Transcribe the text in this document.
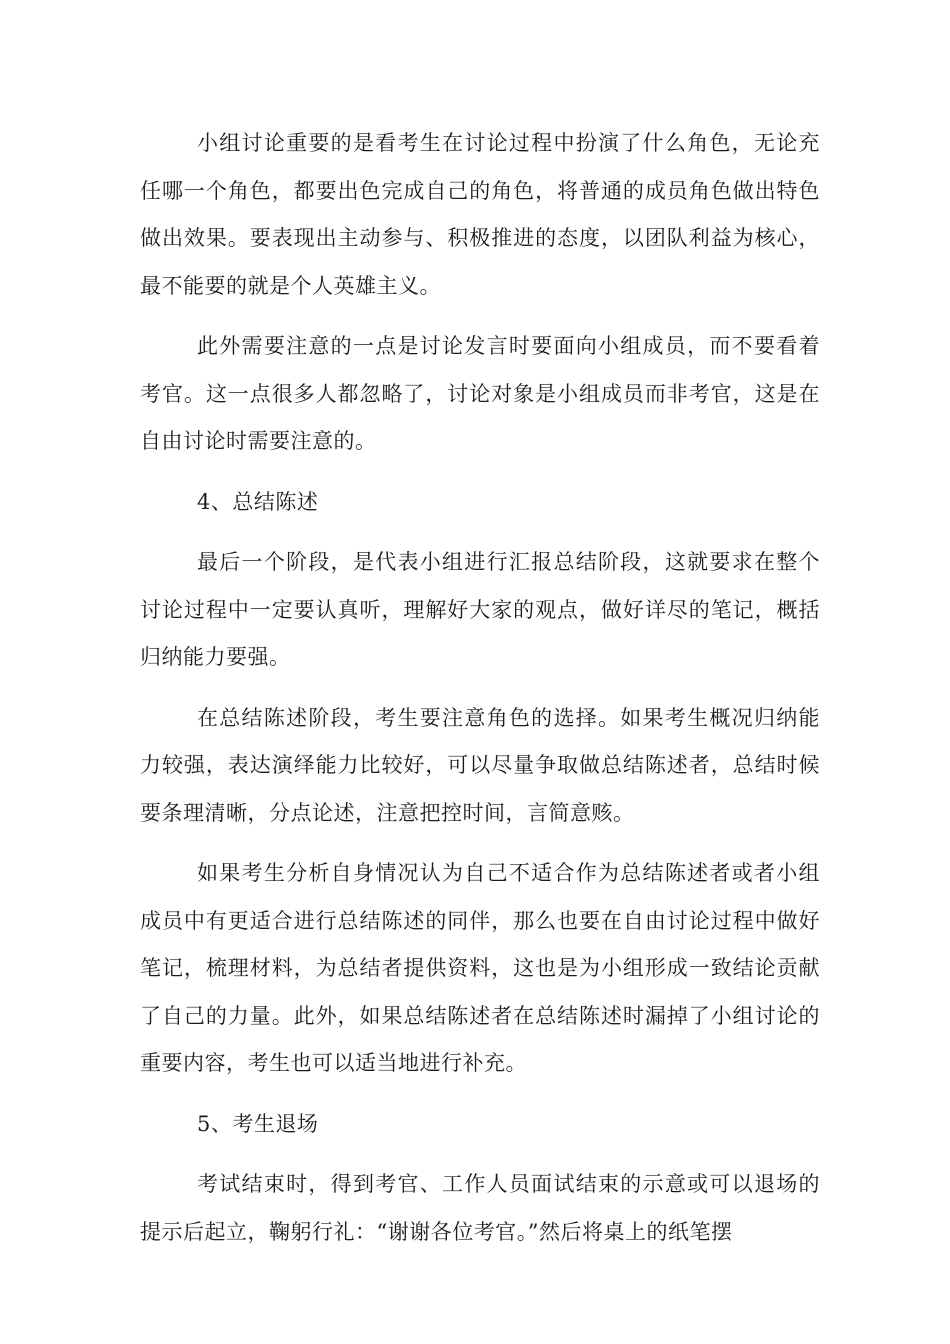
小组讨论重要的是看考生在讨论过程中扮演了什么角色，无论充任哪一个角色，都要出色完成自己的角色，将普通的成员角色做出特色做出效果。要表现出主动参与、积极推进的态度，以团队利益为核心，最不能要的就是个人英雄主义。

此外需要注意的一点是讨论发言时要面向小组成员，而不要看着考官。这一点很多人都忽略了，讨论对象是小组成员而非考官，这是在自由讨论时需要注意的。

4、总结陈述

最后一个阶段，是代表小组进行汇报总结阶段，这就要求在整个讨论过程中一定要认真听，理解好大家的观点，做好详尽的笔记，概括归纳能力要强。

在总结陈述阶段，考生要注意角色的选择。如果考生概况归纳能力较强，表达演绎能力比较好，可以尽量争取做总结陈述者，总结时候要条理清晰，分点论述，注意把控时间，言简意赅。

如果考生分析自身情况认为自己不适合作为总结陈述者或者小组成员中有更适合进行总结陈述的同伴，那么也要在自由讨论过程中做好笔记，梳理材料，为总结者提供资料，这也是为小组形成一致结论贡献了自己的力量。此外，如果总结陈述者在总结陈述时漏掉了小组讨论的重要内容，考生也可以适当地进行补充。

5、考生退场

考试结束时，得到考官、工作人员面试结束的示意或可以退场的提示后起立，鞠躬行礼：“谢谢各位考官。”然后将桌上的纸笔摆
